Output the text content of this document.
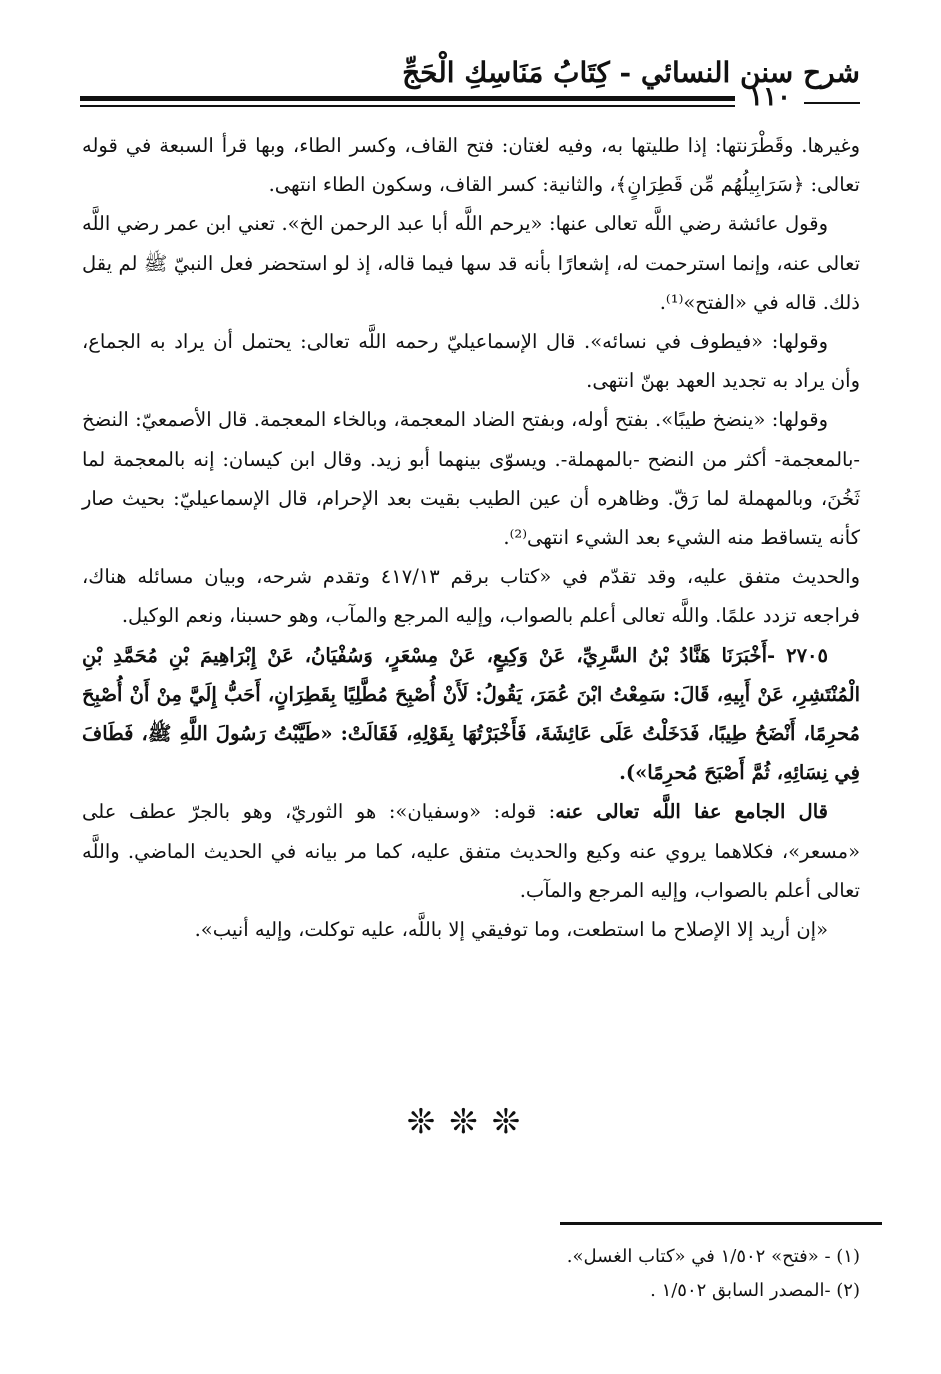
شرح سنن النسائي - كِتَابُ مَنَاسِكِ الْحَجِّ
١١٠

وغيرها. وقَطْرَنتها: إذا طليتها به، وفيه لغتان: فتح القاف، وكسر الطاء، وبها قرأ السبعة في قوله تعالى: ﴿سَرَابِيلُهُم مِّن قَطِرَانٍ﴾، والثانية: كسر القاف، وسكون الطاء انتهى.

وقول عائشة رضي اللَّه تعالى عنها: «يرحم اللَّه أبا عبد الرحمن الخ». تعني ابن عمر رضي اللَّه تعالى عنه، وإنما استرحمت له، إشعارًا بأنه قد سها فيما قاله، إذ لو استحضر فعل النبيّ ﷺ لم يقل ذلك. قاله في «الفتح»⁽¹⁾.

وقولها: «فيطوف في نسائه». قال الإسماعيليّ رحمه اللَّه تعالى: يحتمل أن يراد به الجماع، وأن يراد به تجديد العهد بهنّ انتهى.

وقولها: «ينضخ طيبًا». بفتح أوله، وبفتح الضاد المعجمة، وبالخاء المعجمة. قال الأصمعيّ: النضخ -بالمعجمة- أكثر من النضح -بالمهملة-. ويسوّى بينهما أبو زيد. وقال ابن كيسان: إنه بالمعجمة لما ثَخُنَ، وبالمهملة لما رَقّ. وظاهره أن عين الطيب بقيت بعد الإحرام، قال الإسماعيليّ: بحيث صار كأنه يتساقط منه الشيء بعد الشيء انتهى⁽²⁾.

والحديث متفق عليه، وقد تقدّم في «كتاب برقم ٤١٧/١٣ وتقدم شرحه، وبيان مسائله هناك، فراجعه تزدد علمًا. واللَّه تعالى أعلم بالصواب، وإليه المرجع والمآب، وهو حسبنا، ونعم الوكيل.

٢٧٠٥ -أَخْبَرَنَا هَنَّادُ بْنُ السَّرِيِّ، عَنْ وَكِيعٍ، عَنْ مِسْعَرٍ، وَسُفْيَانُ، عَنْ إِبْرَاهِيمَ بْنِ مُحَمَّدِ بْنِ الْمُنْتَشِرِ، عَنْ أَبِيهِ، قَالَ: سَمِعْتُ ابْنَ عُمَرَ، يَقُولُ: لَأَنْ أُصْبِحَ مُطَّلِيًا بِقَطِرَانٍ، أَحَبُّ إِلَيَّ مِنْ أَنْ أُصْبِحَ مُحرِمًا، أَنْضَحُ طِيبًا، فَدَخَلْتُ عَلَى عَائِشَةَ، فَأَخْبَرْتُهَا بِقَوْلِهِ، فَقَالَتْ: «طَيَّبْتُ رَسُولَ اللَّهِ ﷺ، فَطَافَ فِي نِسَائِهِ، ثُمَّ أَصْبَحَ مُحرِمًا»).

قال الجامع عفا اللَّه تعالى عنه: قوله: «وسفيان»: هو الثوريّ، وهو بالجرّ عطف على «مسعر»، فكلاهما يروي عنه وكيع والحديث متفق عليه، كما مر بيانه في الحديث الماضي. واللَّه تعالى أعلم بالصواب، وإليه المرجع والمآب.

«إن أريد إلا الإصلاح ما استطعت، وما توفيقي إلا باللَّه، عليه توكلت، وإليه أنيب».

❊❊❊

(١) - «فتح» ١/٥٠٢ في «كتاب الغسل».

(٢) -المصدر السابق ١/٥٠٢ .
